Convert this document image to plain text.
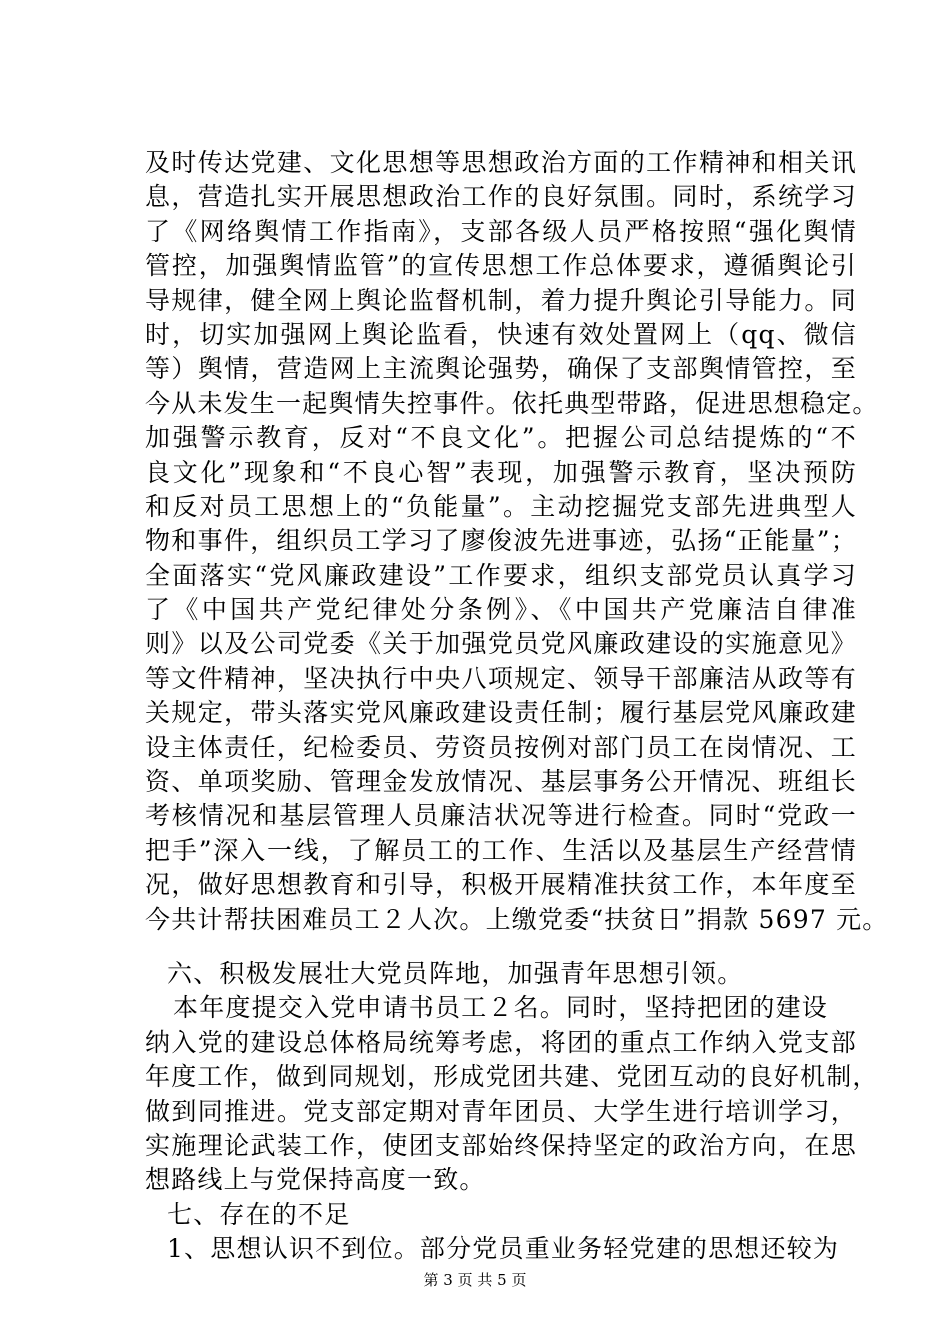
及时传达党建、文化思想等思想政治方面的工作精神和相关讯
息，营造扎实开展思想政治工作的良好氛围。同时，系统学习
了《网络舆情工作指南》，支部各级人员严格按照“强化舆情
管控，加强舆情监管”的宣传思想工作总体要求，遵循舆论引
导规律，健全网上舆论监督机制，着力提升舆论引导能力。同
时，切实加强网上舆论监看，快速有效处置网上（qq、微信
等）舆情，营造网上主流舆论强势，确保了支部舆情管控，至
今从未发生一起舆情失控事件。依托典型带路，促进思想稳定。
加强警示教育，反对“不良文化”。把握公司总结提炼的“不
良文化”现象和“不良心智”表现，加强警示教育，坚决预防
和反对员工思想上的“负能量”。主动挖掘党支部先进典型人
物和事件，组织员工学习了廖俊波先进事迹，弘扬“正能量”；
全面落实“党风廉政建设”工作要求，组织支部党员认真学习
了《中国共产党纪律处分条例》、《中国共产党廉洁自律准
则》以及公司党委《关于加强党员党风廉政建设的实施意见》
等文件精神，坚决执行中央八项规定、领导干部廉洁从政等有
关规定，带头落实党风廉政建设责任制；履行基层党风廉政建
设主体责任，纪检委员、劳资员按例对部门员工在岗情况、工
资、单项奖励、管理金发放情况、基层事务公开情况、班组长
考核情况和基层管理人员廉洁状况等进行检查。同时“党政一
把手”深入一线，了解员工的工作、生活以及基层生产经营情
况，做好思想教育和引导，积极开展精准扶贫工作，本年度至
今共计帮扶困难员工２人次。上缴党委“扶贫日”捐款 5697 元。
六、积极发展壮大党员阵地，加强青年思想引领。
本年度提交入党申请书员工２名。同时，坚持把团的建设
纳入党的建设总体格局统筹考虑，将团的重点工作纳入党支部
年度工作，做到同规划，形成党团共建、党团互动的良好机制，
做到同推进。党支部定期对青年团员、大学生进行培训学习，
实施理论武装工作，使团支部始终保持坚定的政治方向，在思
想路线上与党保持高度一致。
七、存在的不足
1、思想认识不到位。部分党员重业务轻党建的思想还较为
第 3 页 共 5 页
